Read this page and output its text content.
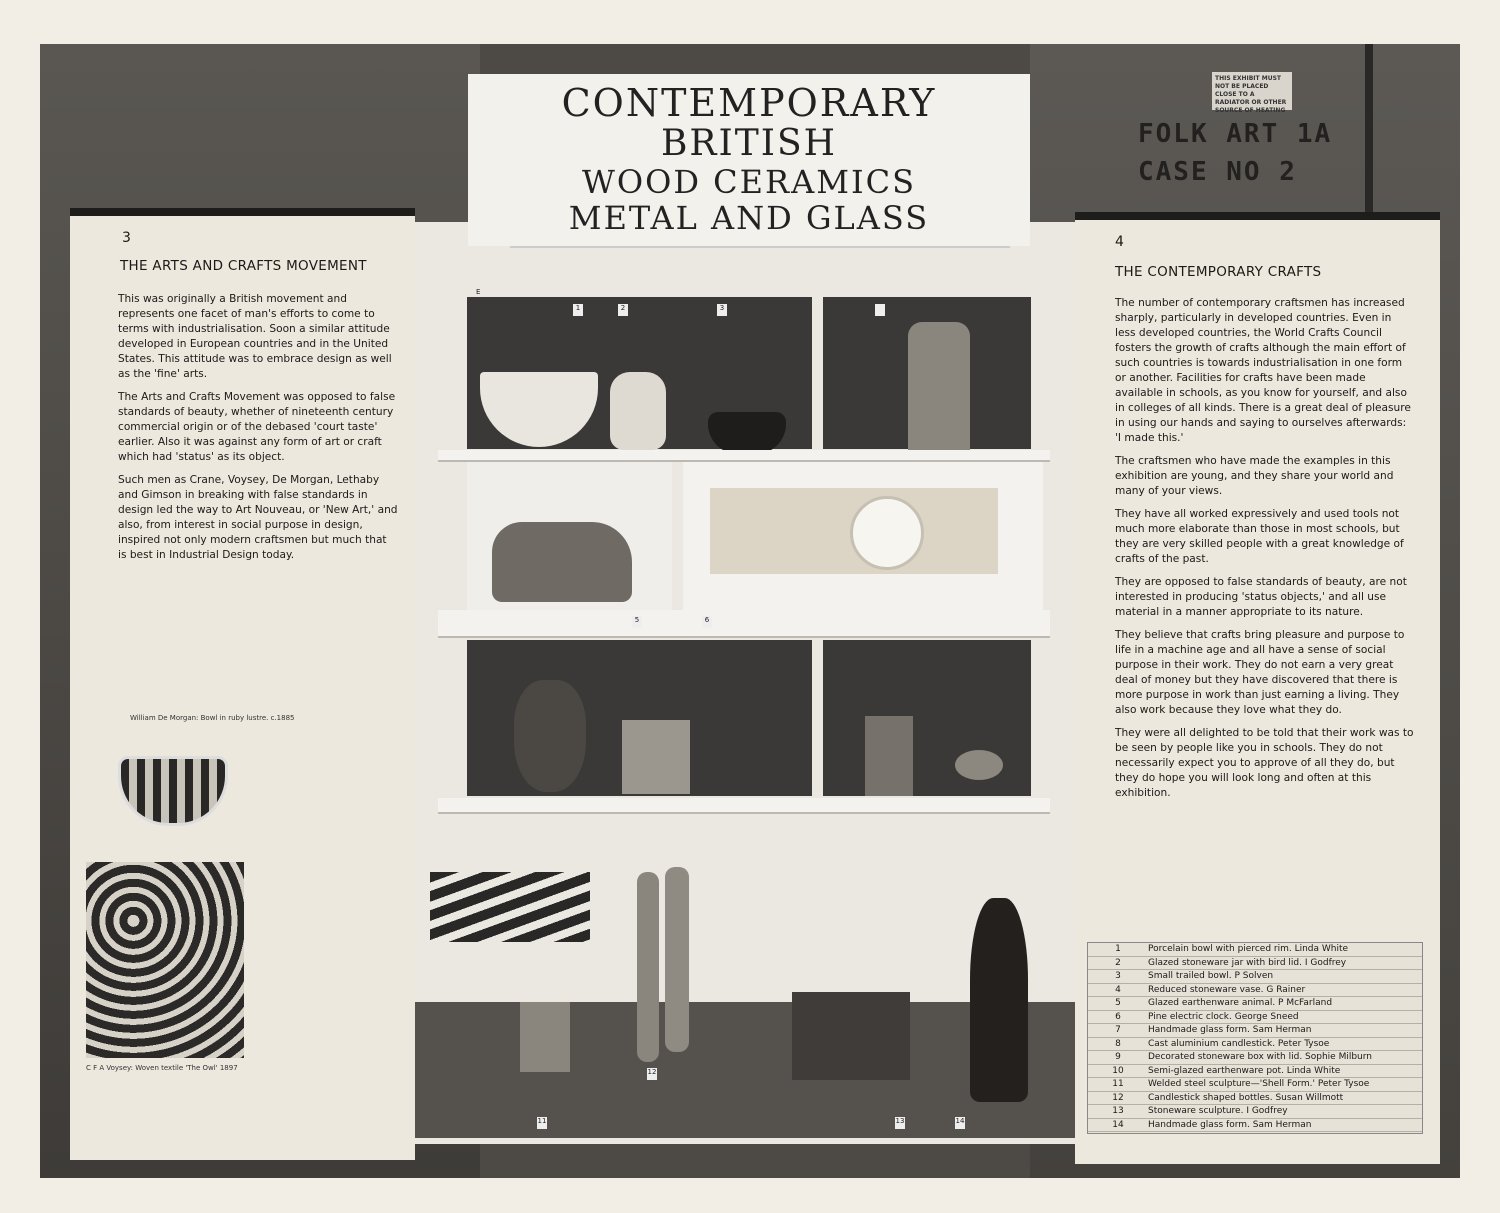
THIS EXHIBIT MUST NOT BE PLACED CLOSE TO A RADIATOR OR OTHER SOURCE OF HEATING
FOLK ART 1A
CASE NO 2
CONTEMPORARY
BRITISH
WOOD CERAMICS
METAL AND GLASS
E
1	2	3
5	6
11
12
13	14
3
THE ARTS AND CRAFTS MOVEMENT

This was originally a British movement and represents one facet of man's efforts to come to terms with industrialisation. Soon a similar attitude developed in European countries and in the United States. This attitude was to embrace design as well as the 'fine' arts.

The Arts and Crafts Movement was opposed to false standards of beauty, whether of nineteenth century commercial origin or of the debased 'court taste' earlier. Also it was against any form of art or craft which had 'status' as its object.

Such men as Crane, Voysey, De Morgan, Lethaby and Gimson in breaking with false standards in design led the way to Art Nouveau, or 'New Art,' and also, from interest in social purpose in design, inspired not only modern craftsmen but much that is best in Industrial Design today.

William De Morgan: Bowl in ruby lustre. c.1885
C F A Voysey: Woven textile 'The Owl' 1897
4
THE CONTEMPORARY CRAFTS

The number of contemporary craftsmen has increased sharply, particularly in developed countries. Even in less developed countries, the World Crafts Council fosters the growth of crafts although the main effort of such countries is towards industrialisation in one form or another. Facilities for crafts have been made available in schools, as you know for yourself, and also in colleges of all kinds. There is a great deal of pleasure in using our hands and saying to ourselves afterwards: 'I made this.'

The craftsmen who have made the examples in this exhibition are young, and they share your world and many of your views.

They have all worked expressively and used tools not much more elaborate than those in most schools, but they are very skilled people with a great knowledge of crafts of the past.

They are opposed to false standards of beauty, are not interested in producing 'status objects,' and all use material in a manner appropriate to its nature.

They believe that crafts bring pleasure and purpose to life in a machine age and all have a sense of social purpose in their work. They do not earn a very great deal of money but they have discovered that there is more purpose in work than just earning a living. They also work because they love what they do.

They were all delighted to be told that their work was to be seen by people like you in schools. They do not necessarily expect you to approve of all they do, but they do hope you will look long and often at this exhibition.

1	Porcelain bowl with pierced rim. Linda White
2	Glazed stoneware jar with bird lid. I Godfrey
3	Small trailed bowl. P Solven
4	Reduced stoneware vase. G Rainer
5	Glazed earthenware animal. P McFarland
6	Pine electric clock. George Sneed
7	Handmade glass form. Sam Herman
8	Cast aluminium candlestick. Peter Tysoe
9	Decorated stoneware box with lid. Sophie Milburn
10	Semi-glazed earthenware pot. Linda White
11	Welded steel sculpture—'Shell Form.' Peter Tysoe
12	Candlestick shaped bottles. Susan Willmott
13	Stoneware sculpture. I Godfrey
14	Handmade glass form. Sam Herman
